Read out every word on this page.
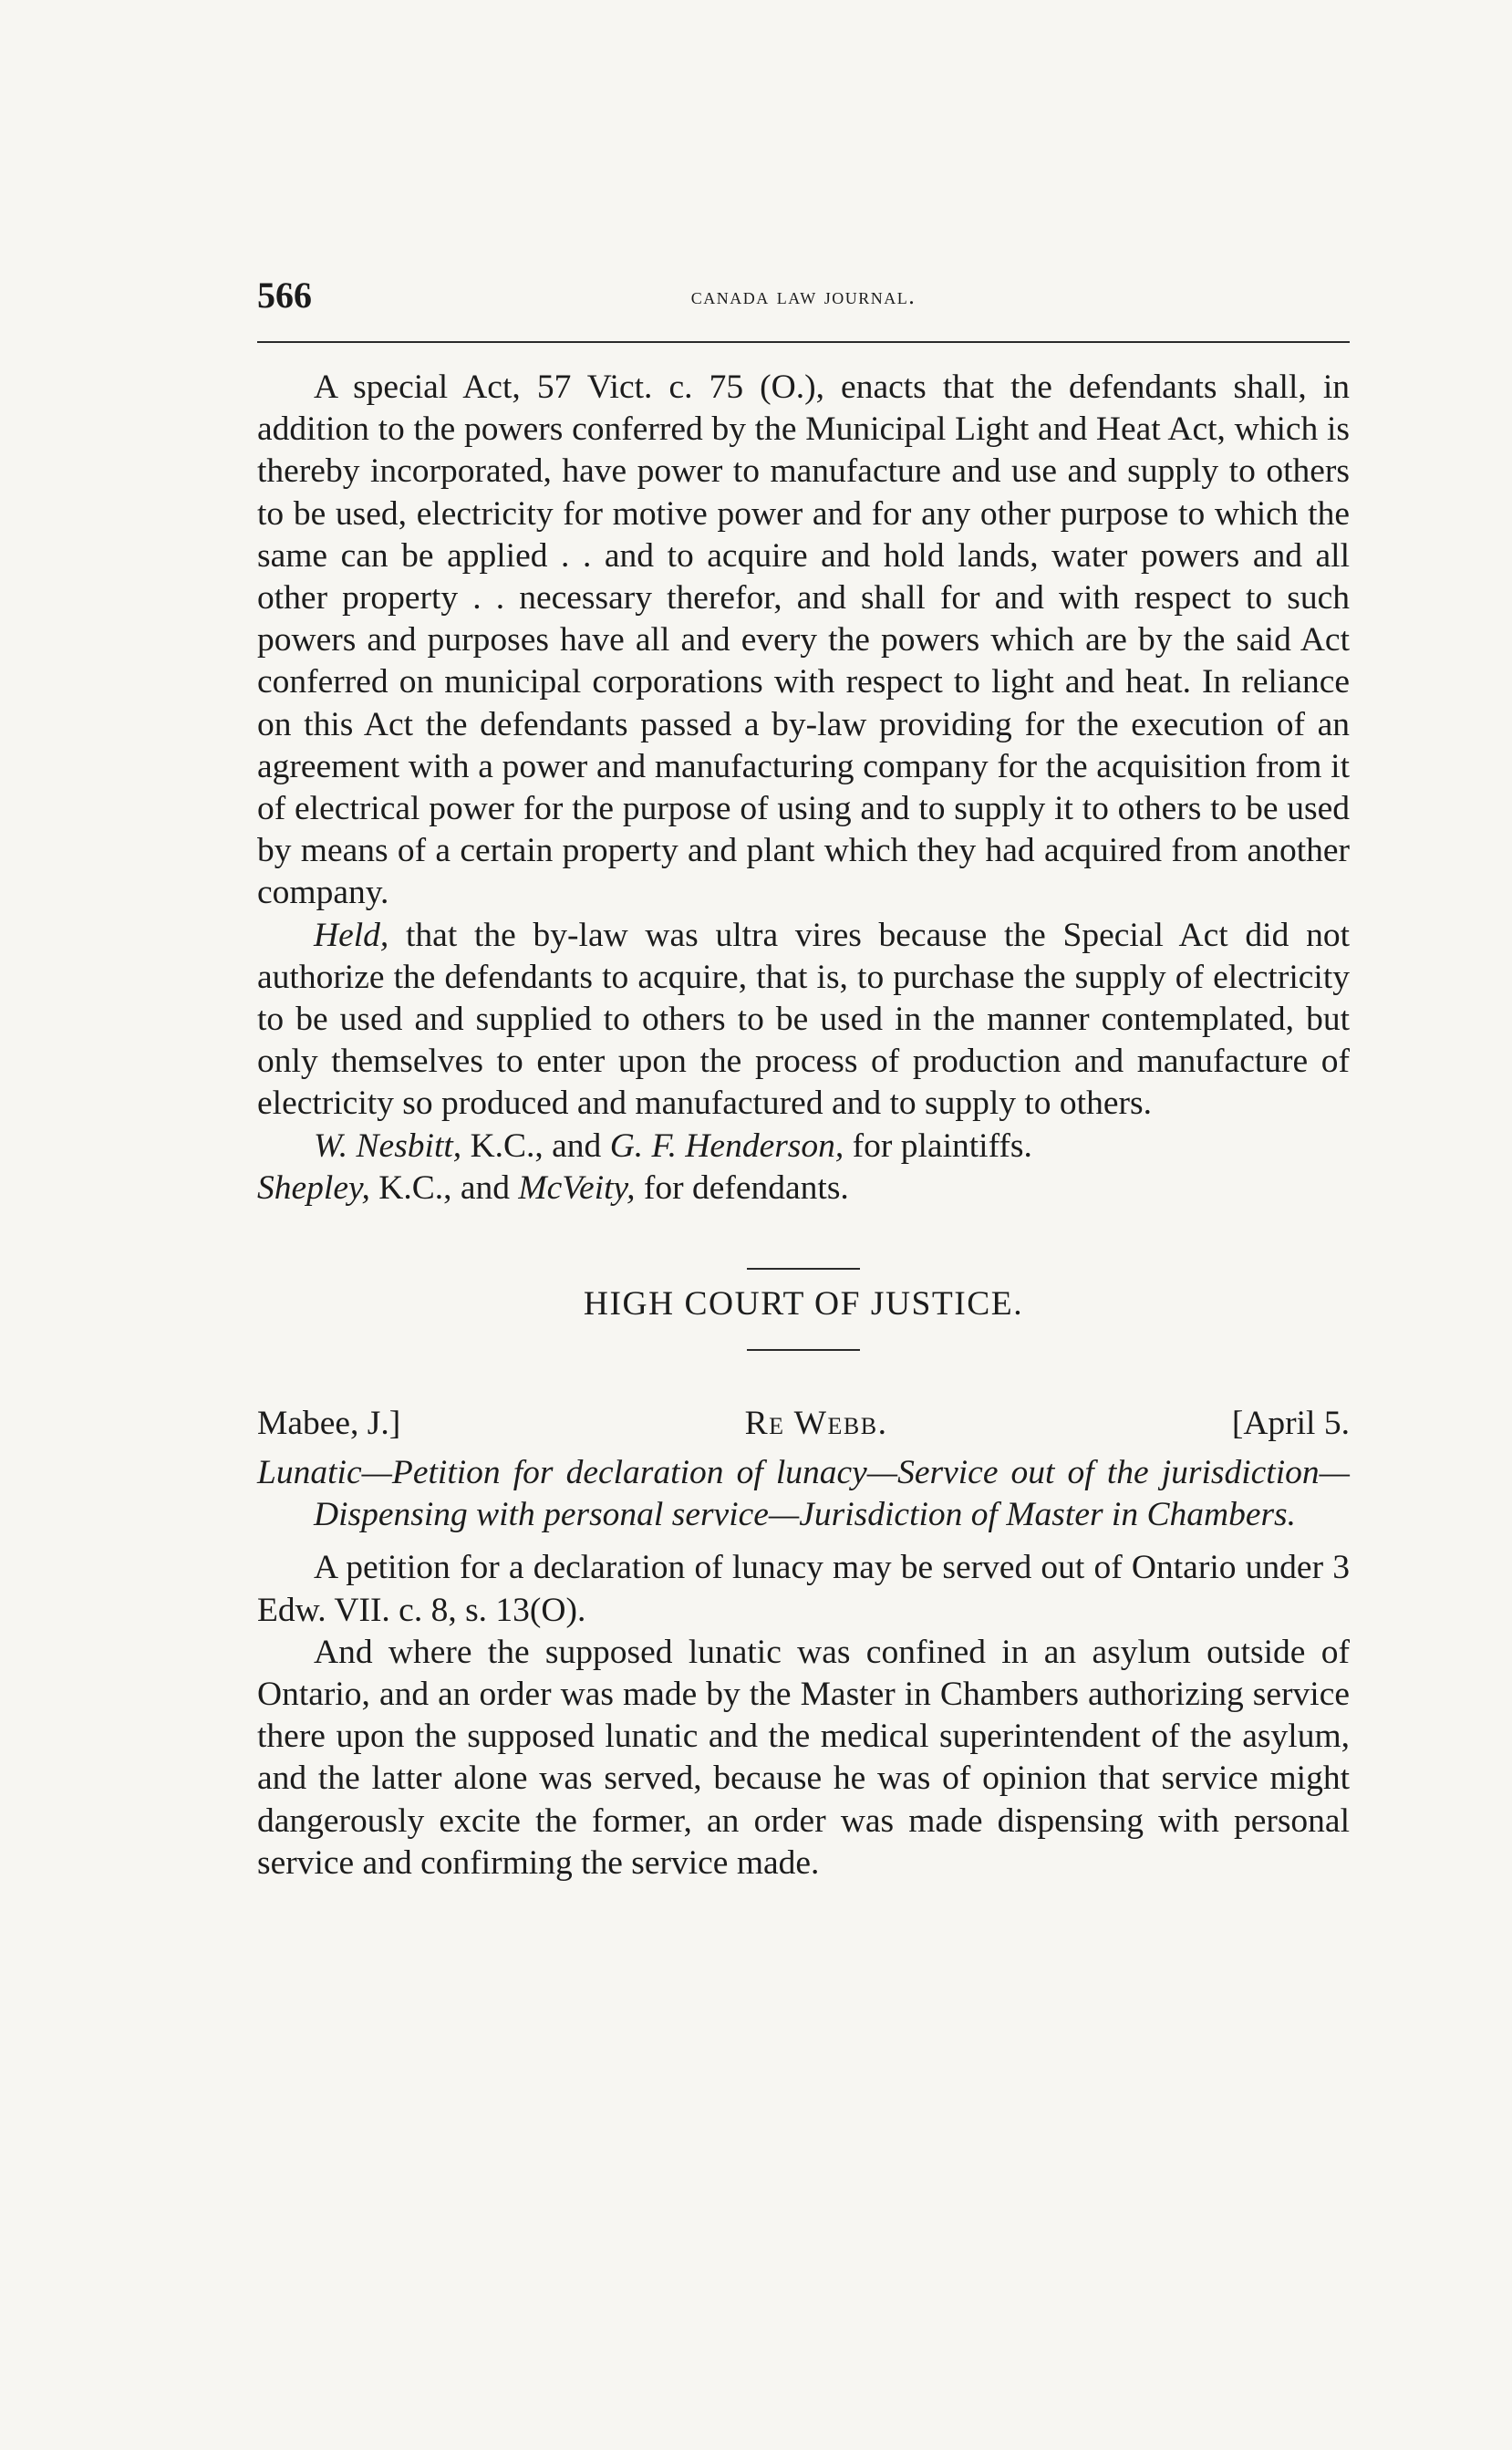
566	canada law journal.

A special Act, 57 Vict. c. 75 (O.), enacts that the defendants shall, in addition to the powers conferred by the Municipal Light and Heat Act, which is thereby incorporated, have power to manufacture and use and supply to others to be used, electricity for motive power and for any other purpose to which the same can be applied . . and to acquire and hold lands, water powers and all other property . . necessary therefor, and shall for and with respect to such powers and purposes have all and every the powers which are by the said Act conferred on municipal corporations with respect to light and heat. In reliance on this Act the defendants passed a by-law providing for the execution of an agreement with a power and manufacturing company for the acquisition from it of electrical power for the purpose of using and to supply it to others to be used by means of a certain property and plant which they had acquired from another company.

Held, that the by-law was ultra vires because the Special Act did not authorize the defendants to acquire, that is, to purchase the supply of electricity to be used and supplied to others to be used in the manner contemplated, but only themselves to enter upon the process of production and manufacture of electricity so produced and manufactured and to supply to others.

W. Nesbitt, K.C., and G. F. Henderson, for plaintiffs.

Shepley, K.C., and McVeity, for defendants.

HIGH COURT OF JUSTICE.
Mabee, J.]	Re Webb.	[April 5.
Lunatic—Petition for declaration of lunacy—Service out of the jurisdiction—Dispensing with personal service—Jurisdiction of Master in Chambers.

A petition for a declaration of lunacy may be served out of Ontario under 3 Edw. VII. c. 8, s. 13(O).

And where the supposed lunatic was confined in an asylum outside of Ontario, and an order was made by the Master in Chambers authorizing service there upon the supposed lunatic and the medical superintendent of the asylum, and the latter alone was served, because he was of opinion that service might dangerously excite the former, an order was made dispensing with personal service and confirming the service made.
